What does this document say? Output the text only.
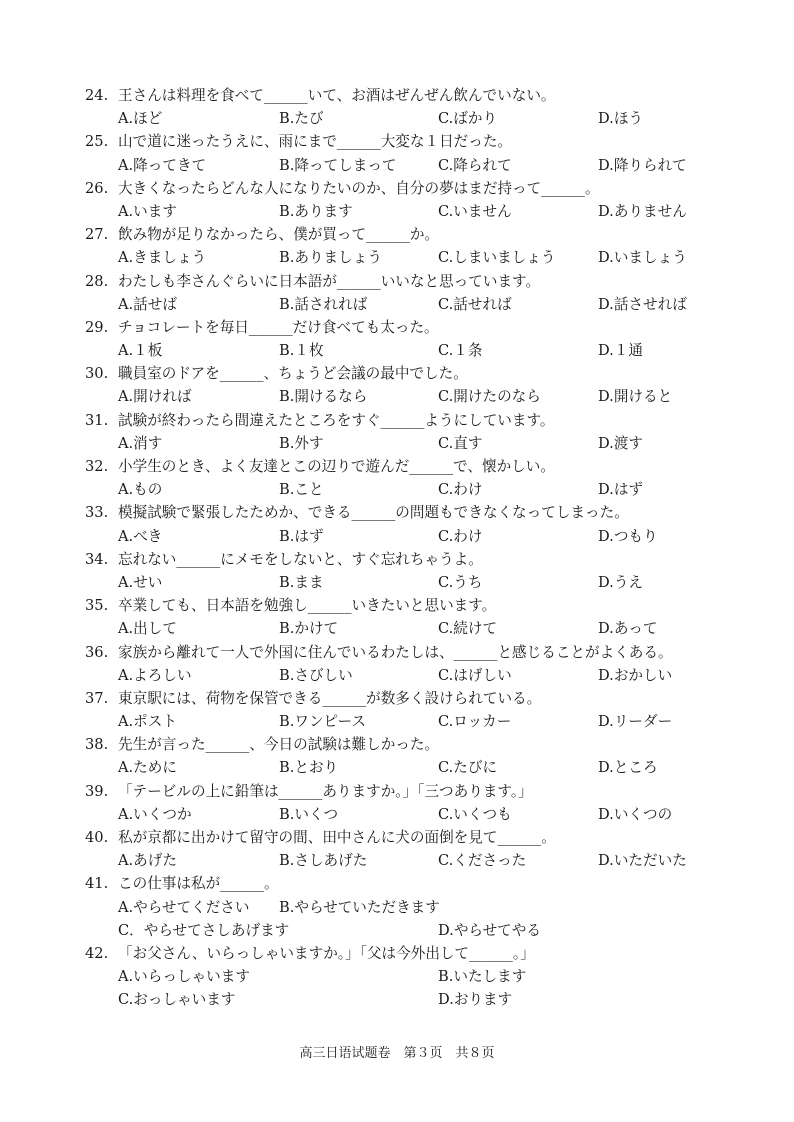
24. 王さんは料理を食べて______いて、お酒はぜんぜん飲んでいない。
A.ほど	B.たび	C.ばかり	D.ほう
25. 山で道に迷ったうえに、雨にまで______大変な１日だった。
A.降ってきて	B.降ってしまって	C.降られて	D.降りられて
26. 大きくなったらどんな人になりたいのか、自分の夢はまだ持って______。
A.います	B.あります	C.いません	D.ありません
27. 飲み物が足りなかったら、僕が買って______か。
A.きましょう	B.ありましょう	C.しまいましょう	D.いましょう
28. わたしも李さんぐらいに日本語が______いいなと思っています。
A.話せば	B.話されれば	C.話せれば	D.話させれば
29. チョコレートを毎日______だけ食べても太った。
A.１板	B.１枚	C.１条	D.１通
30. 職員室のドアを______、ちょうど会議の最中でした。
A.開ければ	B.開けるなら	C.開けたのなら	D.開けると
31. 試験が終わったら間違えたところをすぐ______ようにしています。
A.消す	B.外す	C.直す	D.渡す
32. 小学生のとき、よく友達とこの辺りで遊んだ______で、懐かしい。
A.もの	B.こと	C.わけ	D.はず
33. 模擬試験で緊張したためか、できる______の問題もできなくなってしまった。
A.べき	B.はず	C.わけ	D.つもり
34. 忘れない______にメモをしないと、すぐ忘れちゃうよ。
A.せい	B.まま	C.うち	D.うえ
35. 卒業しても、日本語を勉強し______いきたいと思います。
A.出して	B.かけて	C.続けて	D.あって
36. 家族から離れて一人で外国に住んでいるわたしは、______と感じることがよくある。
A.よろしい	B.さびしい	C.はげしい	D.おかしい
37. 東京駅には、荷物を保管できる______が数多く設けられている。
A.ポスト	B.ワンピース	C.ロッカー	D.リーダー
38. 先生が言った______、今日の試験は難しかった。
A.ために	B.とおり	C.たびに	D.ところ
39. 「テービルの上に鉛筆は______ありますか。」「三つあります。」
A.いくつか	B.いくつ	C.いくつも	D.いくつの
40. 私が京都に出かけて留守の間、田中さんに犬の面倒を見て______。
A.あげた	B.さしあげた	C.くださった	D.いただいた
41. この仕事は私が______。
A.やらせてください B.やらせていただきます
C．やらせてさしあげます	D.やらせてやる
42. 「お父さん、いらっしゃいますか。」「父は今外出して______。」
A.いらっしゃいます	B.いたします
C.おっしゃいます	D.おります
高三日语试题卷　第３页　共８页
